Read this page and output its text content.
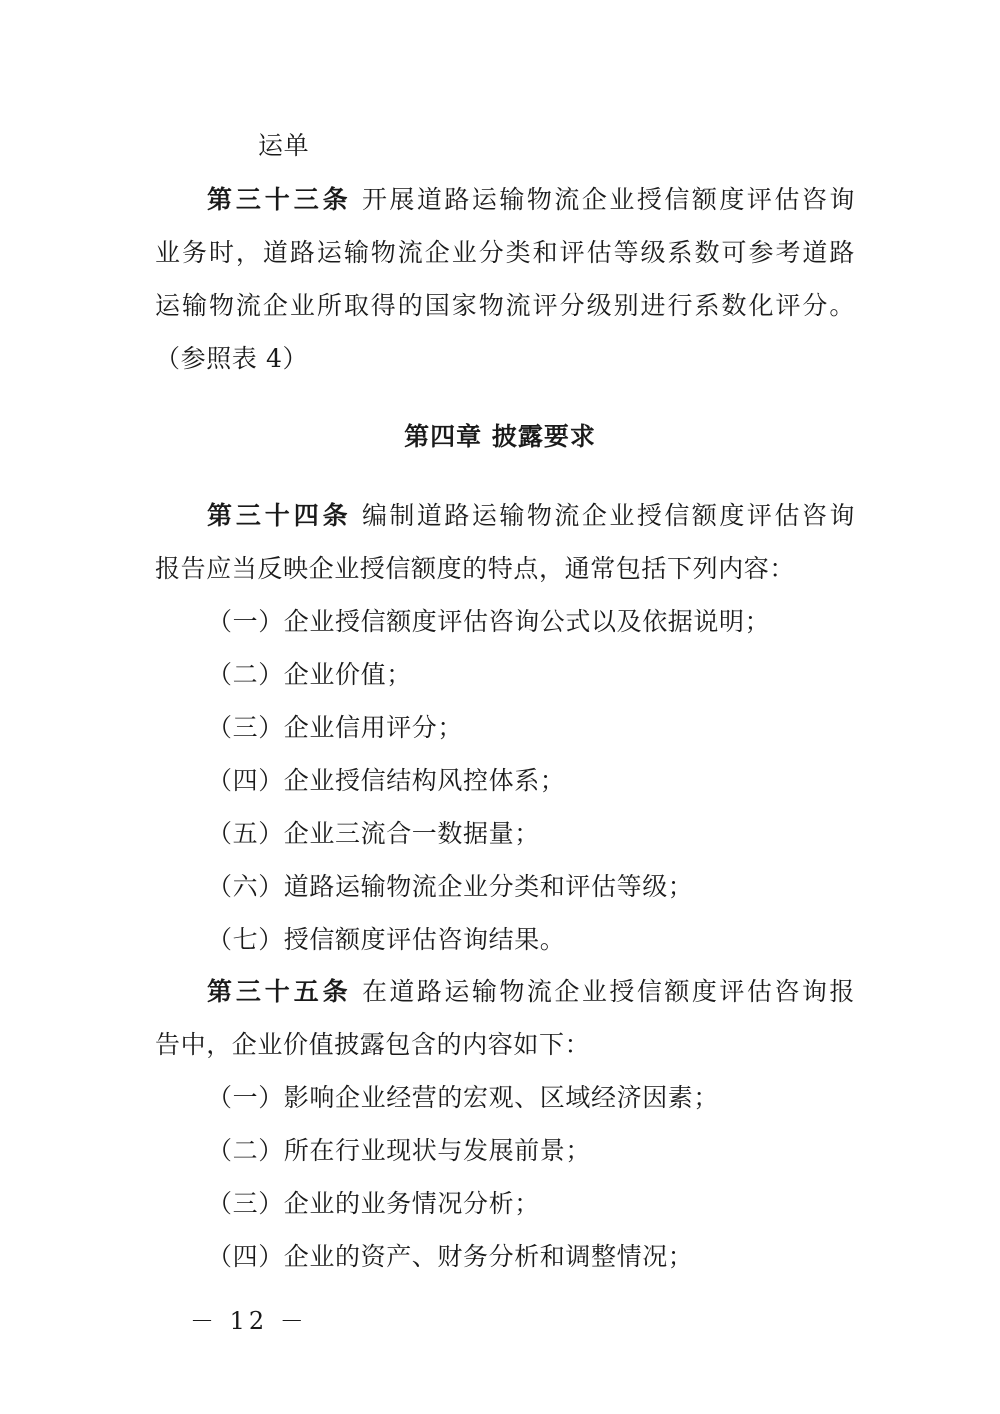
运单
第三十三条 开展道路运输物流企业授信额度评估咨询
业务时，道路运输物流企业分类和评估等级系数可参考道路
运输物流企业所取得的国家物流评分级别进行系数化评分。
（参照表 4）
第四章 披露要求
第三十四条 编制道路运输物流企业授信额度评估咨询
报告应当反映企业授信额度的特点，通常包括下列内容：
（一）企业授信额度评估咨询公式以及依据说明；
（二）企业价值；
（三）企业信用评分；
（四）企业授信结构风控体系；
（五）企业三流合一数据量；
（六）道路运输物流企业分类和评估等级；
（七）授信额度评估咨询结果。
第三十五条 在道路运输物流企业授信额度评估咨询报
告中，企业价值披露包含的内容如下：
（一）影响企业经营的宏观、区域经济因素；
（二）所在行业现状与发展前景；
（三）企业的业务情况分析；
（四）企业的资产、财务分析和调整情况；
－ 12 －
